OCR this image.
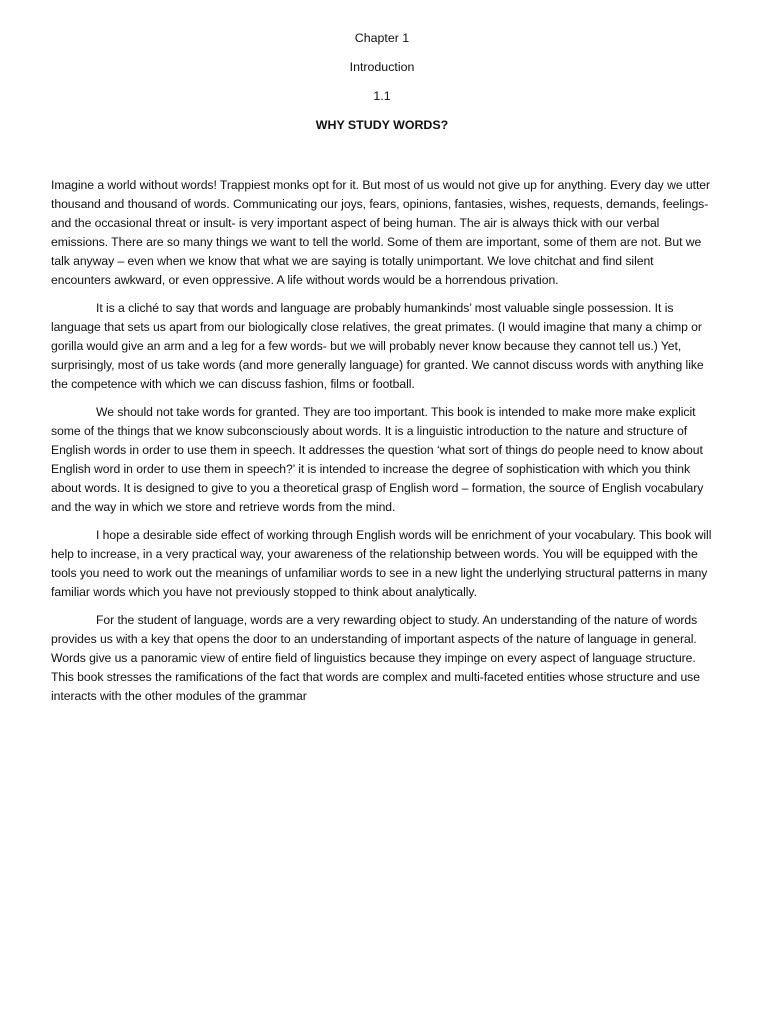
Chapter 1
Introduction
1.1
WHY STUDY WORDS?

Imagine a world without words! Trappiest monks opt for it. But most of us would not give up for anything. Every day we utter thousand and thousand of words. Communicating our joys, fears, opinions, fantasies, wishes, requests, demands, feelings- and the occasional threat or insult- is very important aspect of being human. The air is always thick with our verbal emissions. There are so many things we want to tell the world. Some of them are important, some of them are not. But we talk anyway – even when we know that what we are saying is totally unimportant. We love chitchat and find silent encounters awkward, or even oppressive. A life without words would be a horrendous privation.

It is a cliché to say that words and language are probably humankinds’ most valuable single possession. It is language that sets us apart from our biologically close relatives, the great primates. (I would imagine that many a chimp or gorilla would give an arm and a leg for a few words- but we will probably never know because they cannot tell us.) Yet, surprisingly, most of us take words (and more generally language) for granted. We cannot discuss words with anything like the competence with which we can discuss fashion, films or football.

We should not take words for granted. They are too important. This book is intended to make more make explicit some of the things that we know subconsciously about words. It is a linguistic introduction to the nature and structure of English words in order to use them in speech. It addresses the question ‘what sort of things do people need to know about English word in order to use them in speech?’ it is intended to increase the degree of sophistication with which you think about words. It is designed to give to you a theoretical grasp of English word – formation, the source of English vocabulary and the way in which we store and retrieve words from the mind.

I hope a desirable side effect of working through English words will be enrichment of your vocabulary. This book will help to increase, in a very practical way, your awareness of the relationship between words. You will be equipped with the tools you need to work out the meanings of unfamiliar words to see in a new light the underlying structural patterns in many familiar words which you have not previously stopped to think about analytically.

For the student of language, words are a very rewarding object to study. An understanding of the nature of words provides us with a key that opens the door to an understanding of important aspects of the nature of language in general. Words give us a panoramic view of entire field of linguistics because they impinge on every aspect of language structure. This book stresses the ramifications of the fact that words are complex and multi-faceted entities whose structure and use interacts with the other modules of the grammar
